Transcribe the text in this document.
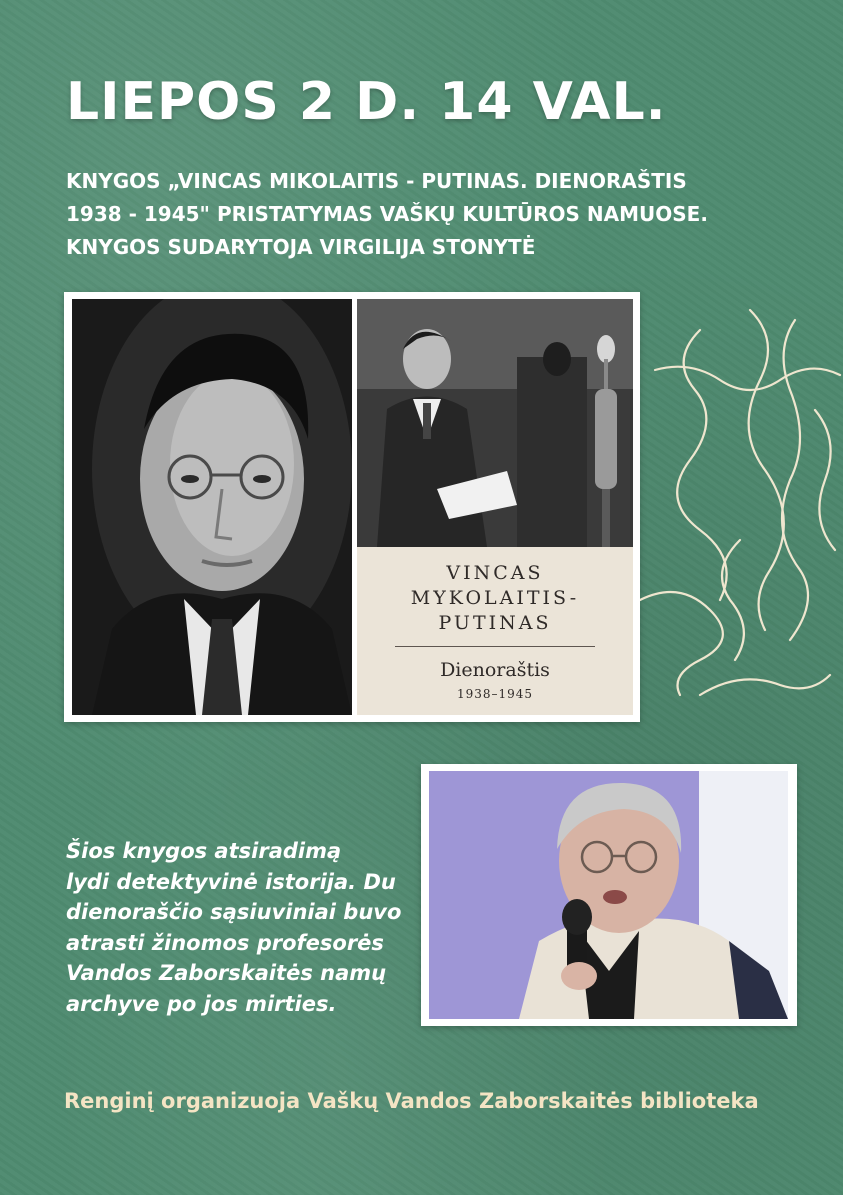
LIEPOS 2 D. 14 VAL.

KNYGOS „VINCAS MIKOLAITIS - PUTINAS. DIENORAŠTIS
1938 - 1945" PRISTATYMAS VAŠKŲ KULTŪROS NAMUOSE.
KNYGOS SUDARYTOJA VIRGILIJA STONYTĖ

VINCAS
MYKOLAITIS-
PUTINAS
Dienoraštis
1938–1945

Šios knygos atsiradimą
lydi detektyvinė istorija. Du
dienoraščio sąsiuviniai buvo
atrasti žinomos profesorės
Vandos Zaborskaitės namų
archyve po jos mirties.

Renginį organizuoja Vaškų Vandos Zaborskaitės biblioteka
